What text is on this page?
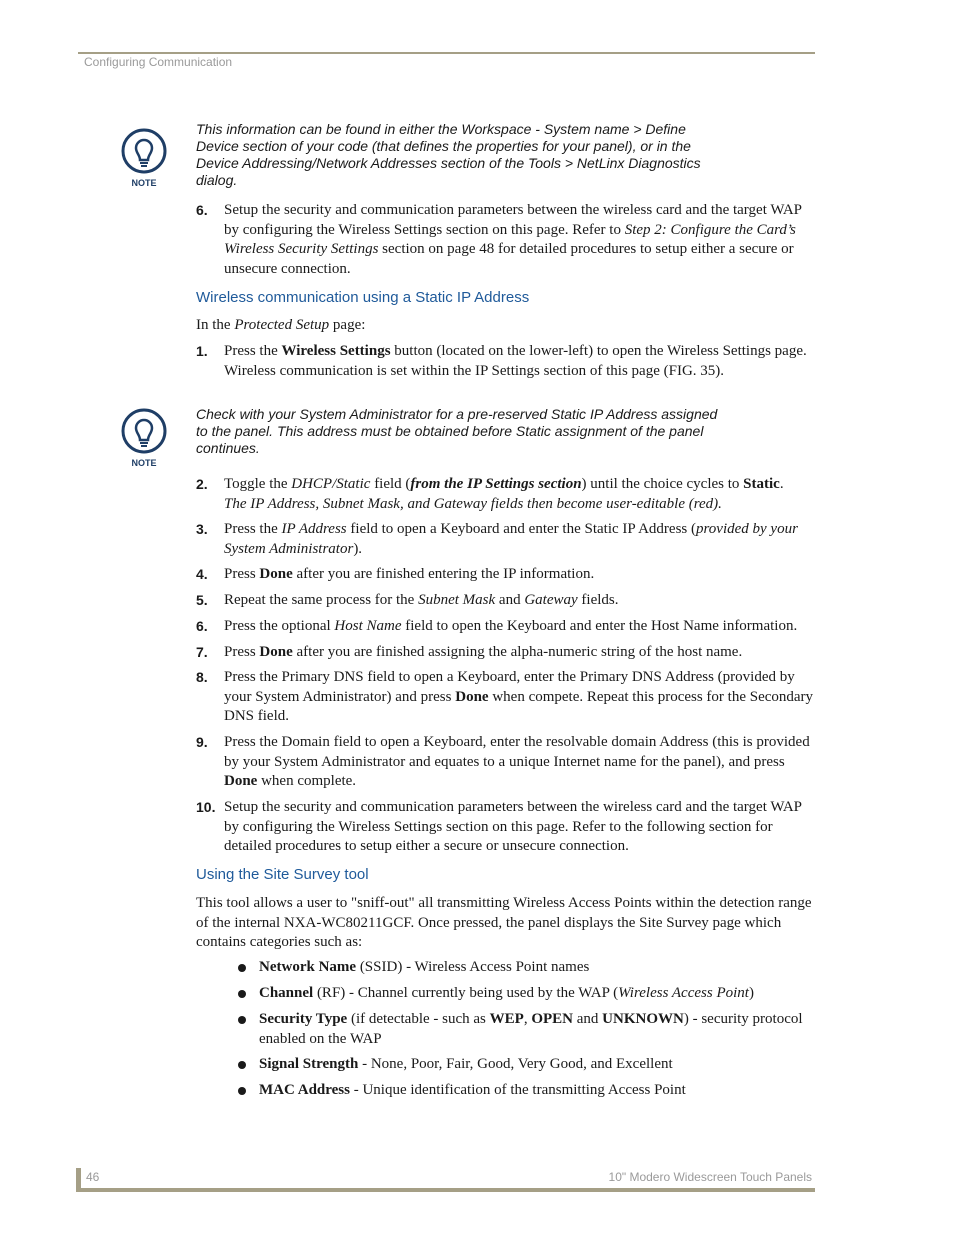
Configuring Communication
NOTE
This information can be found in either the Workspace - System name > Define
Device section of your code (that defines the properties for your panel), or in the
Device Addressing/Network Addresses section of the Tools > NetLinx Diagnostics
dialog.
6. Setup the security and communication parameters between the wireless card and the target WAP by configuring the Wireless Settings section on this page. Refer to Step 2: Configure the Card’s Wireless Security Settings section on page 48 for detailed procedures to setup either a secure or unsecure connection.
Wireless communication using a Static IP Address
In the Protected Setup page:
1. Press the Wireless Settings button (located on the lower-left) to open the Wireless Settings page. Wireless communication is set within the IP Settings section of this page (FIG. 35).
NOTE
Check with your System Administrator for a pre-reserved Static IP Address assigned
to the panel. This address must be obtained before Static assignment of the panel
continues.
2. Toggle the DHCP/Static field (from the IP Settings section) until the choice cycles to Static.
The IP Address, Subnet Mask, and Gateway fields then become user-editable (red).
3. Press the IP Address field to open a Keyboard and enter the Static IP Address (provided by your System Administrator).
4. Press Done after you are finished entering the IP information.
5. Repeat the same process for the Subnet Mask and Gateway fields.
6. Press the optional Host Name field to open the Keyboard and enter the Host Name information.
7. Press Done after you are finished assigning the alpha-numeric string of the host name.
8. Press the Primary DNS field to open a Keyboard, enter the Primary DNS Address (provided by your System Administrator) and press Done when compete. Repeat this process for the Secondary DNS field.
9. Press the Domain field to open a Keyboard, enter the resolvable domain Address (this is provided by your System Administrator and equates to a unique Internet name for the panel), and press Done when complete.
10. Setup the security and communication parameters between the wireless card and the target WAP by configuring the Wireless Settings section on this page. Refer to the following section for detailed procedures to setup either a secure or unsecure connection.
Using the Site Survey tool
This tool allows a user to "sniff-out" all transmitting Wireless Access Points within the detection range of the internal NXA-WC80211GCF. Once pressed, the panel displays the Site Survey page which contains categories such as:
Network Name (SSID) - Wireless Access Point names
Channel (RF) - Channel currently being used by the WAP (Wireless Access Point)
Security Type (if detectable - such as WEP, OPEN and UNKNOWN) - security protocol enabled on the WAP
Signal Strength - None, Poor, Fair, Good, Very Good, and Excellent
MAC Address - Unique identification of the transmitting Access Point
46	10" Modero Widescreen Touch Panels
